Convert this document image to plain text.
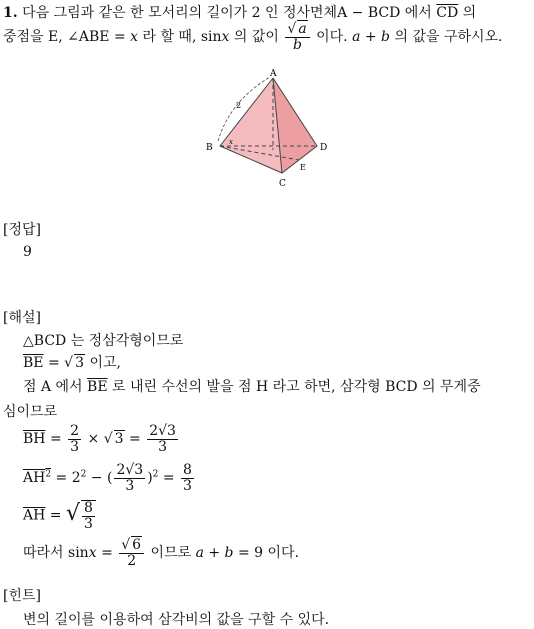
1. 다음 그림과 같은 한 모서리의 길이가 2 인 정사면체A − BCD 에서 $\overline{CD}$ 의
중점을 E, ∠ABE = x 라 할 때, sinx 의 값이 $\frac{√ a}{b}$ 이다. a + b 의 값을 구하시오.
A
B
C
D
E
2
x
[정답]
9
[해설]
△BCD 는 정삼각형이므로
$\overline{BE}$ = √ 3 이고,
점 A 에서 $\overline{BE}$ 로 내린 수선의 발을 점 H 라고 하면, 삼각형 BCD 의 무게중
심이므로
$\overline{BH} = \frac{2}{3}$ × √ $3 = \frac{2√3}{3}$
$AH^2 = 2^2$ − ( $\frac{2√3}{3} )^2 = \frac{8}{3}$
$\overline{AH}$ = √ $\frac{8}{3}$
따라서 $\sin x = \frac{√ 6}{2}$ 이므로 a + b = 9 이다.
[힌트]
변의 길이를 이용하여 삼각비의 값을 구할 수 있다.
